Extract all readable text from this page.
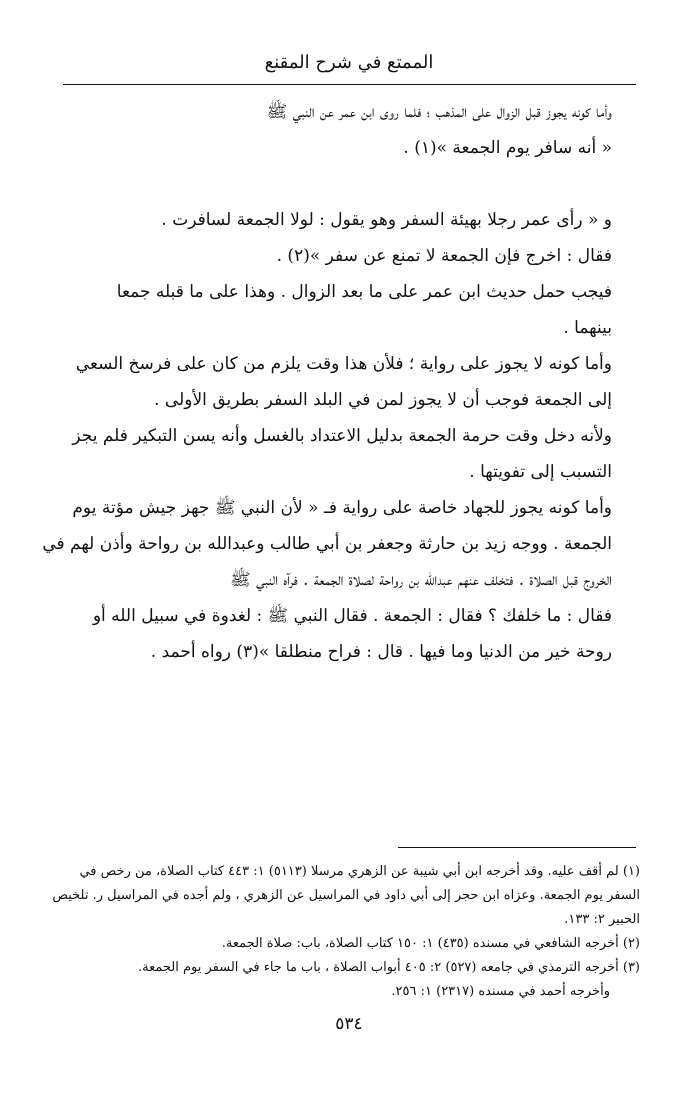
الممتع في شرح المقنع

وأما كونه يجوز قبل الزوال على المذهب ؛ فلما روى ابن عمر عن النبي ﷺ
« أنه سافر يوم الجمعة »(١) .

و « رأى عمر رجلا بهيئة السفر وهو يقول : لولا الجمعة لسافرت .
فقال : اخرج فإن الجمعة لا تمنع عن سفر »(٢) .

فيجب حمل حديث ابن عمر على ما بعد الزوال . وهذا على ما قبله جمعا
بينهما .

وأما كونه لا يجوز على رواية ؛ فلأن هذا وقت يلزم من كان على فرسخ السعي
إلى الجمعة فوجب أن لا يجوز لمن في البلد السفر بطريق الأولى .

ولأنه دخل وقت حرمة الجمعة بدليل الاعتداد بالغسل وأنه يسن التبكير فلم يجز
التسبب إلى تفويتها .

وأما كونه يجوز للجهاد خاصة على رواية فـ « لأن النبي ﷺ جهز جيش مؤتة يوم
الجمعة . ووجه زيد بن حارثة وجعفر بن أبي طالب وعبدالله بن رواحة وأذن لهم في
الخروج قبل الصلاة . فتخلف عنهم عبدالله بن رواحة لصلاة الجمعة . فرآه النبي ﷺ
فقال : ما خلفك ؟ فقال : الجمعة . فقال النبي ﷺ : لغدوة في سبيل الله أو
روحة خير من الدنيا وما فيها . قال : فراح منطلقا »(٣) رواه أحمد .

(١) لم أقف عليه. وقد أخرجه ابن أبي شيبة عن الزهري مرسلا (٥١١٣) ١: ٤٤٣ كتاب الصلاة، من رخص في
السفر يوم الجمعة. وعزاه ابن حجر إلى أبي داود في المراسيل عن الزهري ، ولم أجده في المراسيل ر. تلخيص
الحبير ٢: ١٣٣.

(٢) أخرجه الشافعي في مسنده (٤٣٥) ١: ١٥٠ كتاب الصلاة، باب: صلاة الجمعة.

(٣) أخرجه الترمذي في جامعه (٥٢٧) ٢: ٤٠٥ أبواب الصلاة ، باب ما جاء في السفر يوم الجمعة.

وأخرجه أحمد في مسنده (٢٣١٧) ١: ٢٥٦.

٥٣٤
